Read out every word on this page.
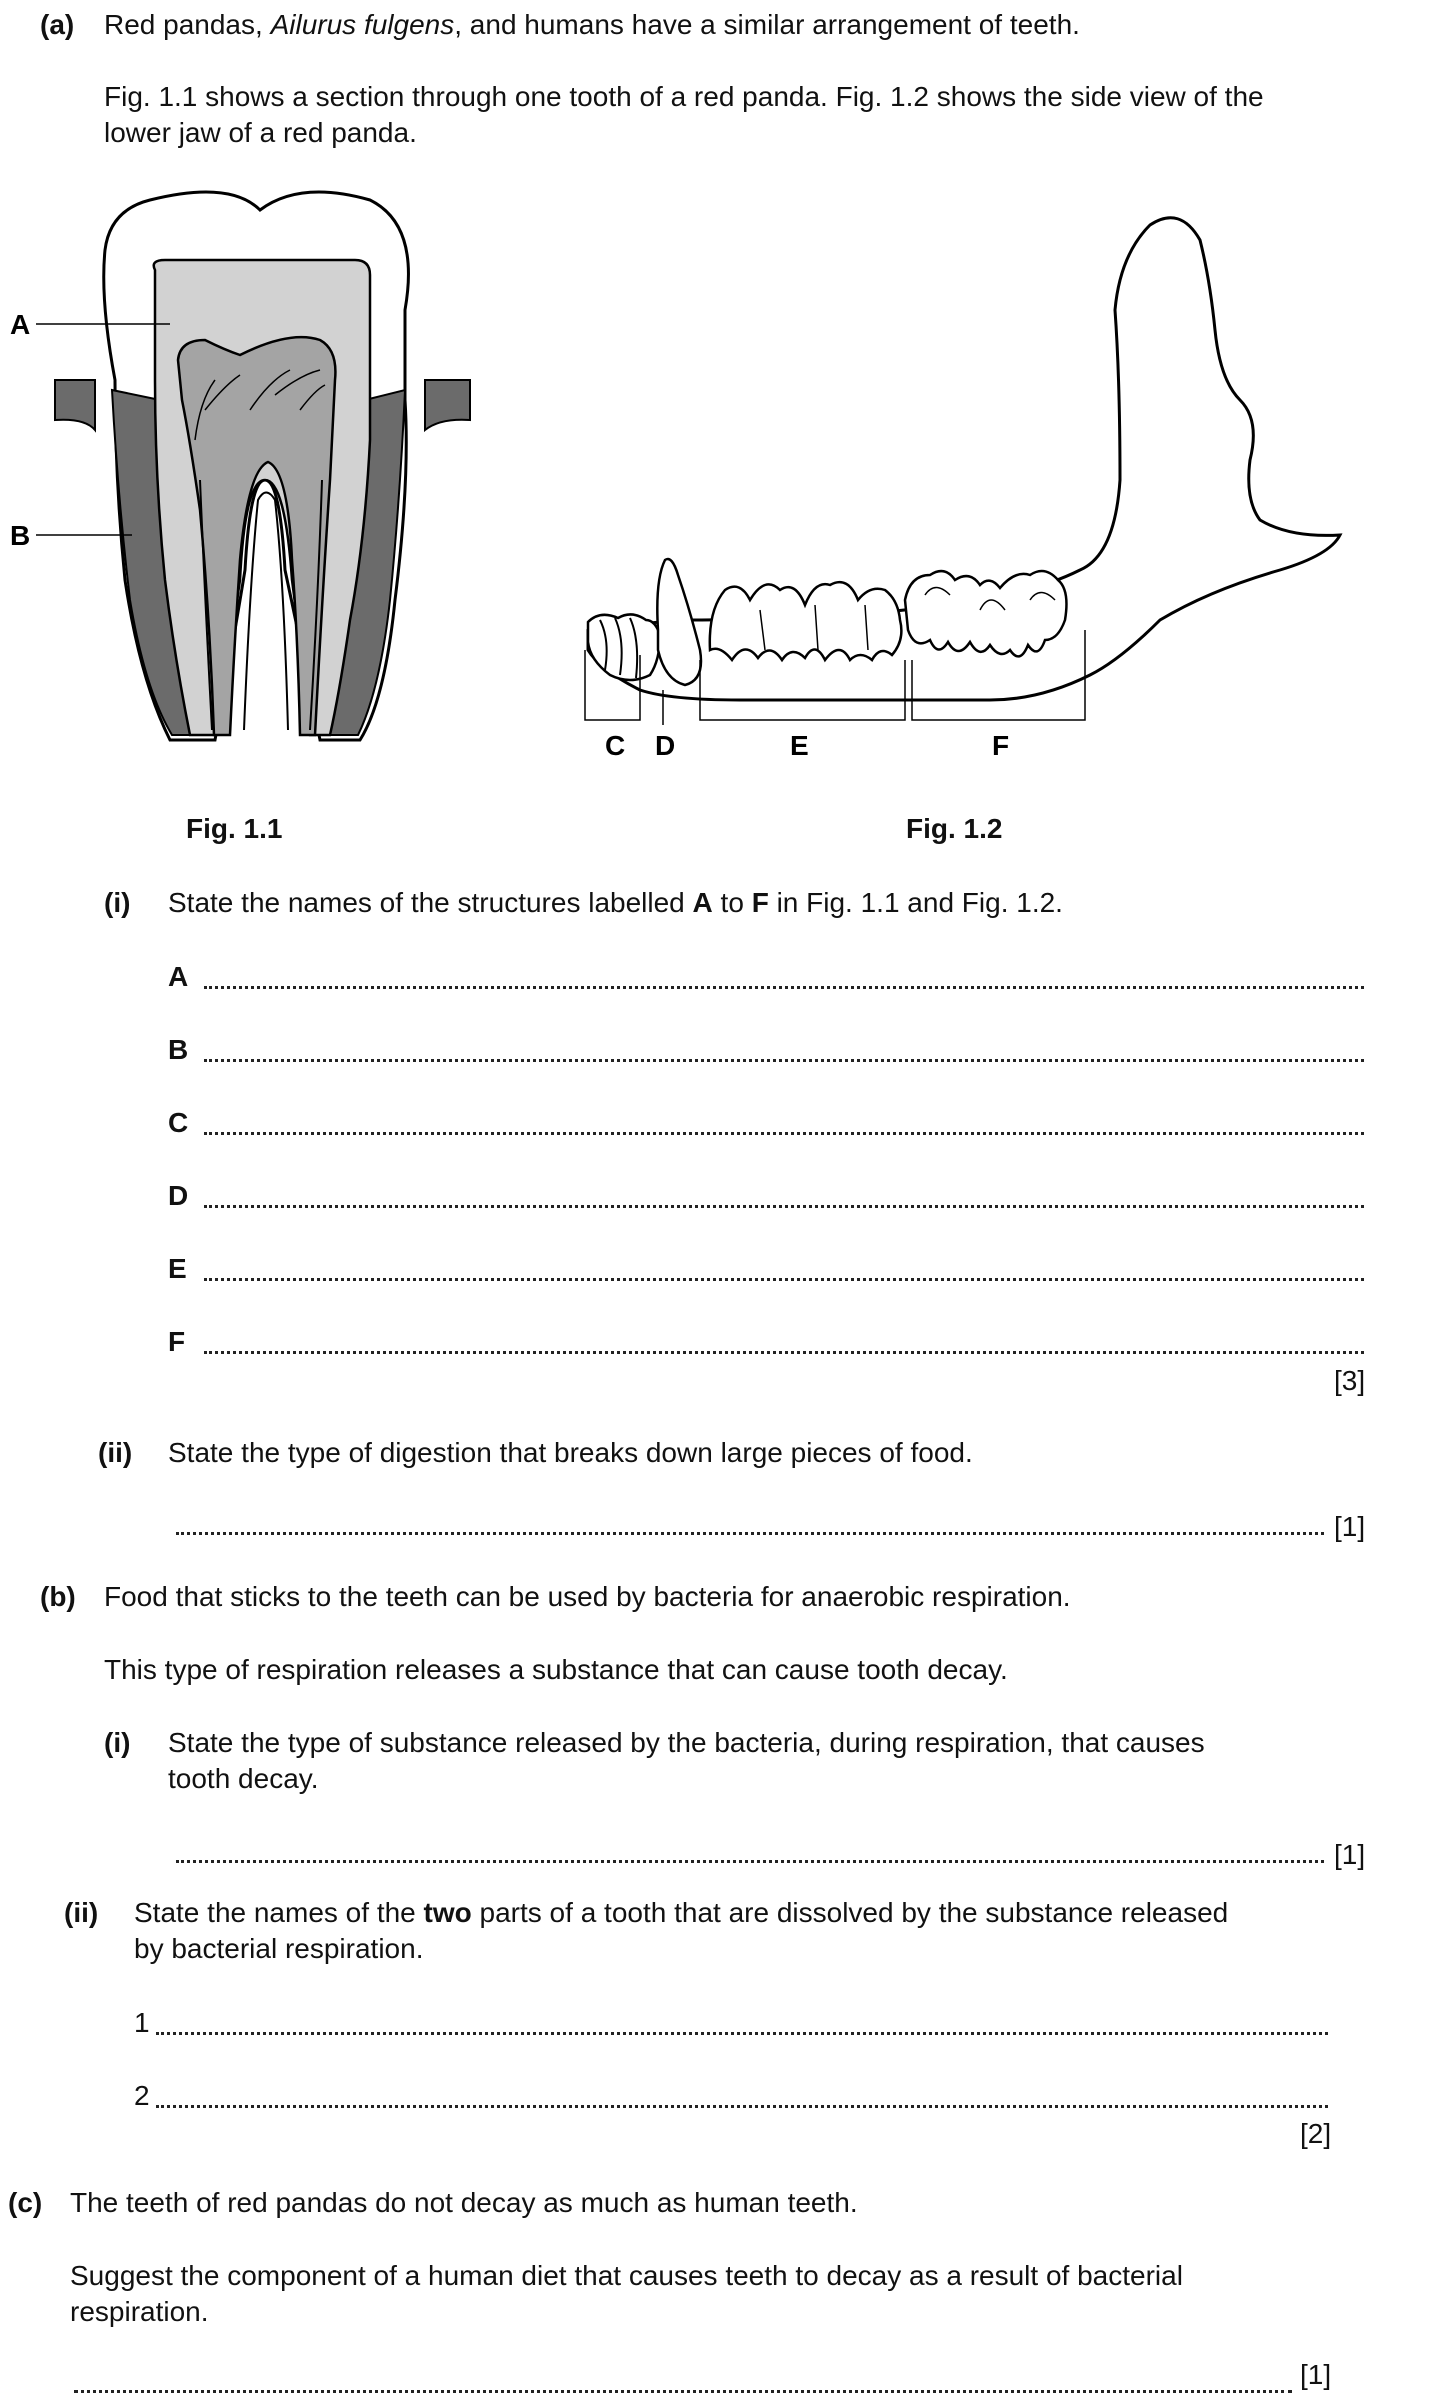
(a) Red pandas, Ailurus fulgens, and humans have a similar arrangement of teeth.
Fig. 1.1 shows a section through one tooth of a red panda. Fig. 1.2 shows the side view of the
lower jaw of a red panda.
A
B
C D	E	F
Fig. 1.1	Fig. 1.2
(i) State the names of the structures labelled A to F in Fig. 1.1 and Fig. 1.2.
A
B
C
D
E
F
[3]
(ii) State the type of digestion that breaks down large pieces of food.
[1]
(b) Food that sticks to the teeth can be used by bacteria for anaerobic respiration.
This type of respiration releases a substance that can cause tooth decay.
(i) State the type of substance released by the bacteria, during respiration, that causes
tooth decay.
[1]
(ii) State the names of the two parts of a tooth that are dissolved by the substance released
by bacterial respiration.
1
2
[2]
(c) The teeth of red pandas do not decay as much as human teeth.
Suggest the component of a human diet that causes teeth to decay as a result of bacterial
respiration.
[1]
